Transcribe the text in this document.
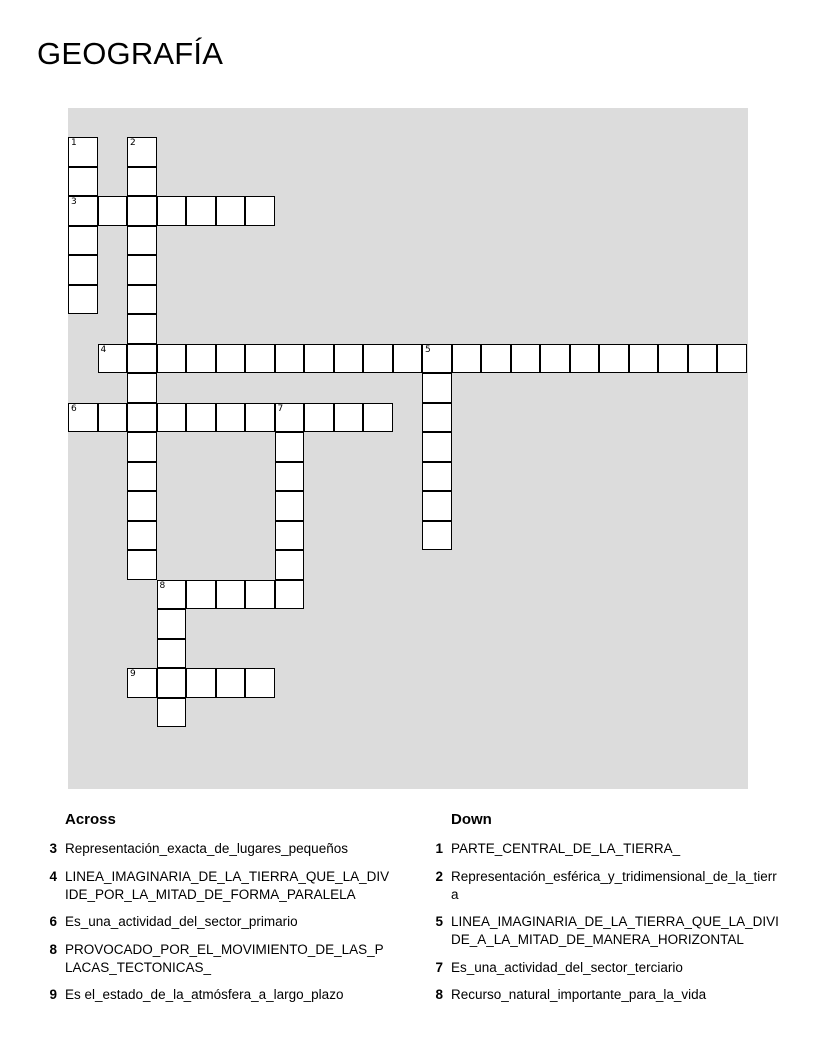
GEOGRAFÍA
1	2
3
4	5
6	7
8
9
Across
3 Representación_exacta_de_lugares_pequeños
4 LINEA_IMAGINARIA_DE_LA_TIERRA_QUE_LA_DIVIDE_POR_LA_MITAD_DE_FORMA_PARALELA
6 Es_una_actividad_del_sector_primario
8 PROVOCADO_POR_EL_MOVIMIENTO_DE_LAS_PLACAS_TECTONICAS_
9 Es el_estado_de_la_atmósfera_a_largo_plazo
Down
1 PARTE_CENTRAL_DE_LA_TIERRA_
2 Representación_esférica_y_tridimensional_de_la_tierra
5 LINEA_IMAGINARIA_DE_LA_TIERRA_QUE_LA_DIVIDE_A_LA_MITAD_DE_MANERA_HORIZONTAL
7 Es_una_actividad_del_sector_terciario
8 Recurso_natural_importante_para_la_vida
